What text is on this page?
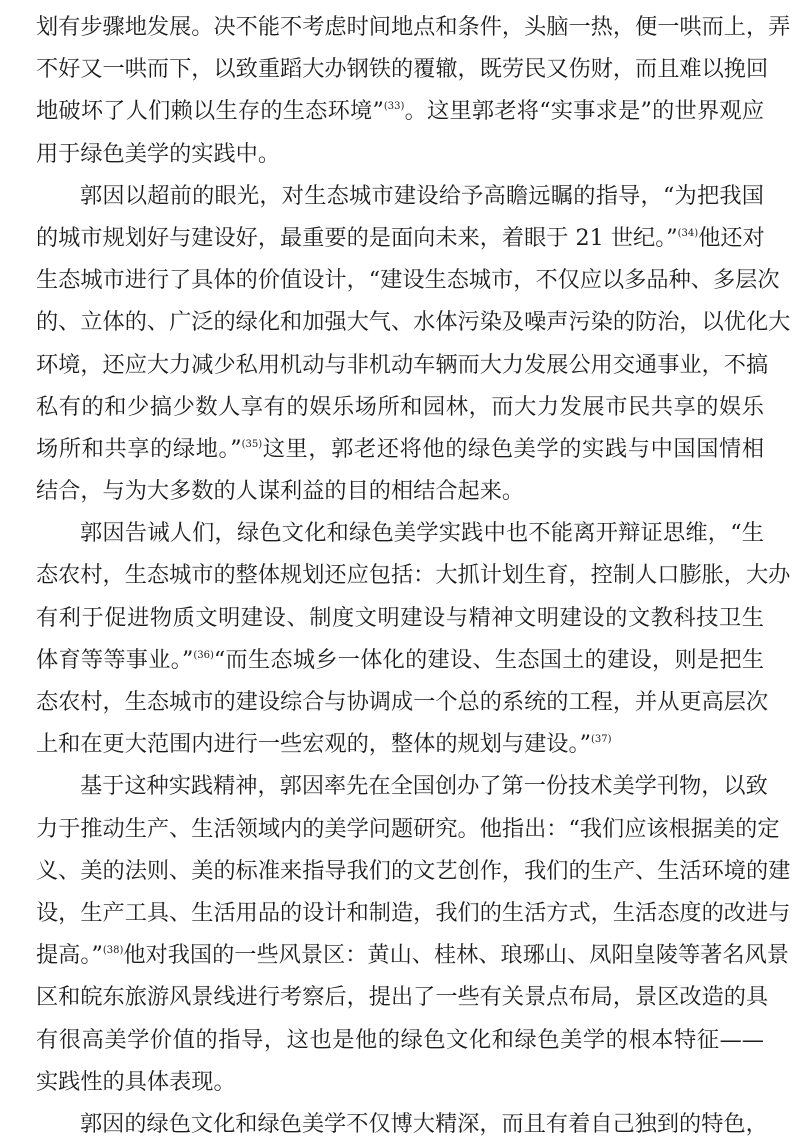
划有步骤地发展。决不能不考虑时间地点和条件，头脑一热，便一哄而上，弄
不好又一哄而下，以致重蹈大办钢铁的覆辙，既劳民又伤财，而且难以挽回
地破坏了人们赖以生存的生态环境”$^{(33)}$。这里郭老将“实事求是”的世界观应
用于绿色美学的实践中。
郭因以超前的眼光，对生态城市建设给予高瞻远瞩的指导，“为把我国
的城市规划好与建设好，最重要的是面向未来，着眼于 21 世纪。”$^{(34)}$他还对
生态城市进行了具体的价值设计，“建设生态城市，不仅应以多品种、多层次
的、立体的、广泛的绿化和加强大气、水体污染及噪声污染的防治，以优化大
环境，还应大力减少私用机动与非机动车辆而大力发展公用交通事业，不搞
私有的和少搞少数人享有的娱乐场所和园林，而大力发展市民共享的娱乐
场所和共享的绿地。”$^{(35)}$这里，郭老还将他的绿色美学的实践与中国国情相
结合，与为大多数的人谋利益的目的相结合起来。
郭因告诫人们，绿色文化和绿色美学实践中也不能离开辩证思维，“生
态农村，生态城市的整体规划还应包括：大抓计划生育，控制人口膨胀，大办
有利于促进物质文明建设、制度文明建设与精神文明建设的文教科技卫生
体育等等事业。”$^{(36)}$“而生态城乡一体化的建设、生态国土的建设，则是把生
态农村，生态城市的建设综合与协调成一个总的系统的工程，并从更高层次
上和在更大范围内进行一些宏观的，整体的规划与建设。”$^{(37)}$
基于这种实践精神，郭因率先在全国创办了第一份技术美学刊物，以致
力于推动生产、生活领域内的美学问题研究。他指出：“我们应该根据美的定
义、美的法则、美的标准来指导我们的文艺创作，我们的生产、生活环境的建
设，生产工具、生活用品的设计和制造，我们的生活方式，生活态度的改进与
提高。”$^{(38)}$他对我国的一些风景区：黄山、桂林、琅琊山、凤阳皇陵等著名风景
区和皖东旅游风景线进行考察后，提出了一些有关景点布局，景区改造的具
有很高美学价值的指导，这也是他的绿色文化和绿色美学的根本特征——
实践性的具体表现。
郭因的绿色文化和绿色美学不仅博大精深，而且有着自己独到的特色，
